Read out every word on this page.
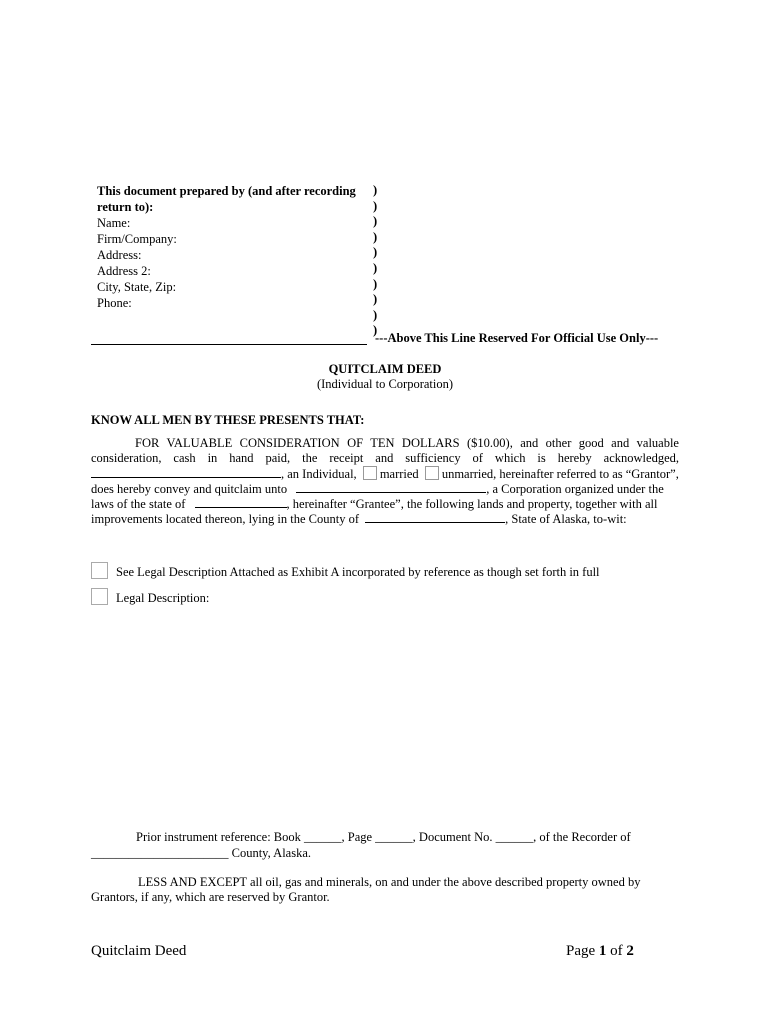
This document prepared by (and after recording return to):
Name:
Firm/Company:
Address:
Address 2:
City, State, Zip:
Phone:
)
)
)
)
)
)
)
)
)
)
---Above This Line Reserved For Official Use Only---
QUITCLAIM DEED
(Individual to Corporation)
KNOW ALL MEN BY THESE PRESENTS THAT:
FOR VALUABLE CONSIDERATION OF TEN DOLLARS ($10.00), and other good and valuable
consideration, cash in hand paid, the receipt and sufficiency of which is hereby acknowledged,
, an Individual, married unmarried, hereinafter referred to as “Grantor”,
does hereby convey and quitclaim unto	, a Corporation organized under the
laws of the state of	, hereinafter “Grantee”, the following lands and property, together with all
improvements located thereon, lying in the County of	, State of Alaska, to-wit:
See Legal Description Attached as Exhibit A incorporated by reference as though set forth in full
Legal Description:
Prior instrument reference: Book ______, Page ______, Document No. ______, of the Recorder of
______________________ County, Alaska.
LESS AND EXCEPT all oil, gas and minerals, on and under the above described property owned by
Grantors, if any, which are reserved by Grantor.
Quitclaim Deed	Page 1 of 2
